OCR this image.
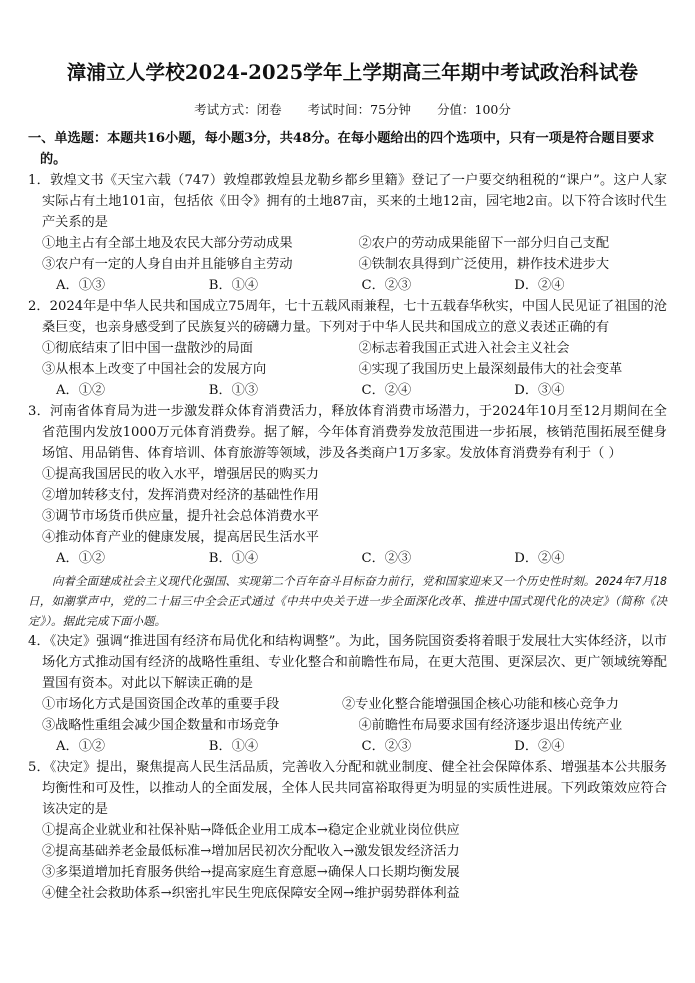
漳浦立人学校2024-2025学年上学期高三年期中考试政治科试卷
考试方式：闭卷 考试时间：75分钟 分值：100分
一、单选题：本题共16小题，每小题3分，共48分。在每小题给出的四个选项中，只有一项是符合题目要求的。
1．敦煌文书《天宝六载（747）敦煌郡敦煌县龙勒乡都乡里籍》登记了一户要交纳租税的“课户”。这户人家实际占有土地101亩，包括依《田令》拥有的土地87亩，买来的土地12亩，园宅地2亩。以下符合该时代生产关系的是
①地主占有全部土地及农民大部分劳动成果	②农户的劳动成果能留下一部分归自己支配
③农户有一定的人身自由并且能够自主劳动	④铁制农具得到广泛使用，耕作技术进步大
A．①③	B．①④	C．②③	D．②④
2．2024年是中华人民共和国成立75周年，七十五载风雨兼程，七十五载春华秋实，中国人民见证了祖国的沧桑巨变，也亲身感受到了民族复兴的磅礴力量。下列对于中华人民共和国成立的意义表述正确的有
①彻底结束了旧中国一盘散沙的局面	②标志着我国正式进入社会主义社会
③从根本上改变了中国社会的发展方向	④实现了我国历史上最深刻最伟大的社会变革
A．①②	B．①③	C．②④	D．③④
3．河南省体育局为进一步激发群众体育消费活力，释放体育消费市场潜力，于2024年10月至12月期间在全省范围内发放1000万元体育消费券。据了解，今年体育消费券发放范围进一步拓展，核销范围拓展至健身场馆、用品销售、体育培训、体育旅游等领域，涉及各类商户1万多家。发放体育消费券有利于（ ）
①提高我国居民的收入水平，增强居民的购买力
②增加转移支付，发挥消费对经济的基础性作用
③调节市场货币供应量，提升社会总体消费水平
④推动体育产业的健康发展，提高居民生活水平
A．①②	B．①④	C．②③	D．②④
向着全面建成社会主义现代化强国、实现第二个百年奋斗目标奋力前行，党和国家迎来又一个历史性时刻。2024年7月18日，如潮掌声中，党的二十届三中全会正式通过《中共中央关于进一步全面深化改革、推进中国式现代化的决定》（简称《决定》）。据此完成下面小题。
4．《决定》强调“推进国有经济布局优化和结构调整”。为此，国务院国资委将着眼于发展壮大实体经济，以市场化方式推动国有经济的战略性重组、专业化整合和前瞻性布局，在更大范围、更深层次、更广领域统筹配置国有资本。对此以下解读正确的是
①市场化方式是国资国企改革的重要手段	②专业化整合能增强国企核心功能和核心竞争力
③战略性重组会减少国企数量和市场竞争	④前瞻性布局要求国有经济逐步退出传统产业
A．①②	B．①④	C．②③	D．②④
5．《决定》提出，聚焦提高人民生活品质，完善收入分配和就业制度、健全社会保障体系、增强基本公共服务均衡性和可及性，以推动人的全面发展，全体人民共同富裕取得更为明显的实质性进展。下列政策效应符合该决定的是
①提高企业就业和社保补贴→降低企业用工成本→稳定企业就业岗位供应
②提高基础养老金最低标准→增加居民初次分配收入→激发银发经济活力
③多渠道增加托育服务供给→提高家庭生育意愿→确保人口长期均衡发展
④健全社会救助体系→织密扎牢民生兜底保障安全网→维护弱势群体利益
